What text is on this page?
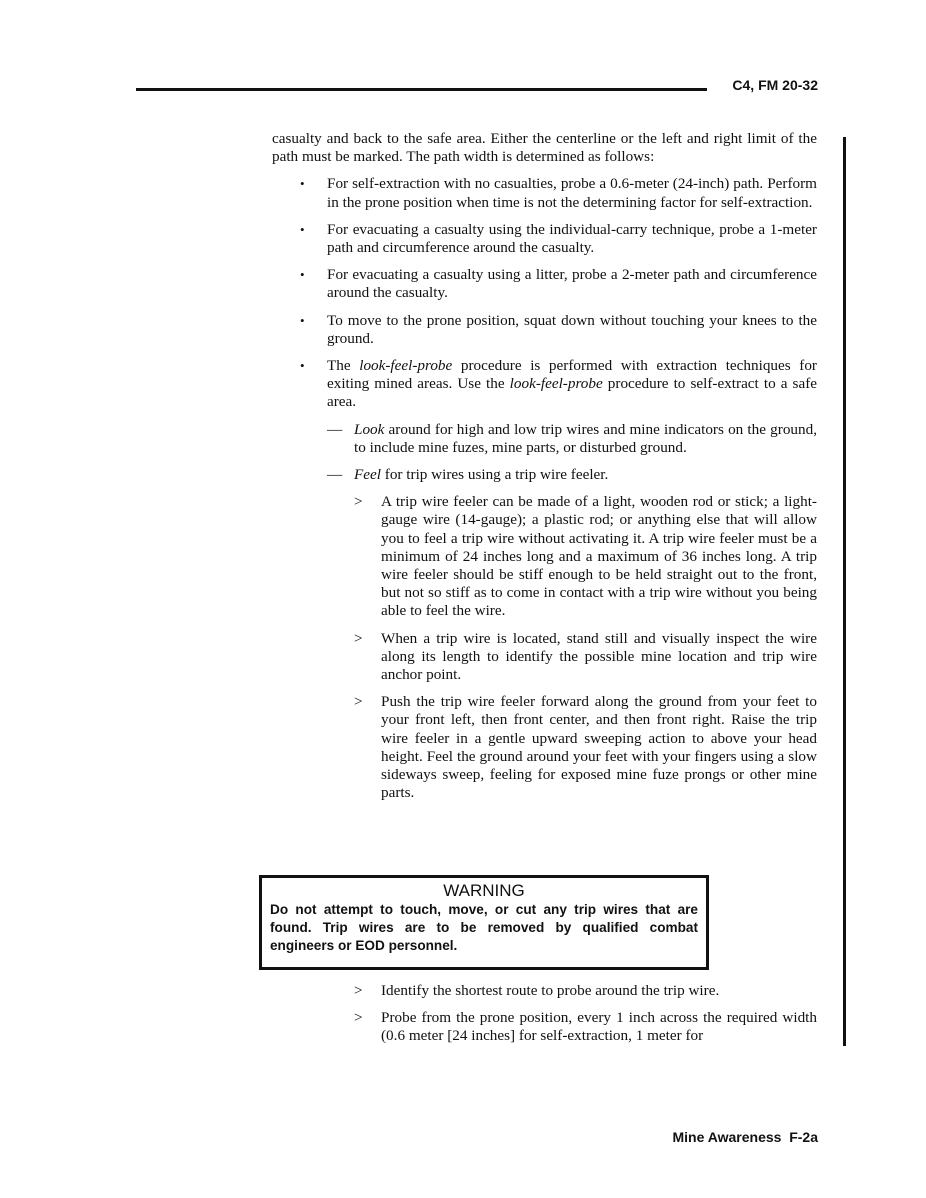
C4, FM 20-32

casualty and back to the safe area. Either the centerline or the left and right limit of the path must be marked. The path width is determined as follows:

• For self-extraction with no casualties, probe a 0.6-meter (24-inch) path. Perform in the prone position when time is not the determining factor for self-extraction.
• For evacuating a casualty using the individual-carry technique, probe a 1-meter path and circumference around the casualty.
• For evacuating a casualty using a litter, probe a 2-meter path and circumference around the casualty.
• To move to the prone position, squat down without touching your knees to the ground.
• The look-feel-probe procedure is performed with extraction techniques for exiting mined areas. Use the look-feel-probe procedure to self-extract to a safe area.
— Look around for high and low trip wires and mine indicators on the ground, to include mine fuzes, mine parts, or disturbed ground.
— Feel for trip wires using a trip wire feeler.
> A trip wire feeler can be made of a light, wooden rod or stick; a light-gauge wire (14-gauge); a plastic rod; or anything else that will allow you to feel a trip wire without activating it. A trip wire feeler must be a minimum of 24 inches long and a maximum of 36 inches long. A trip wire feeler should be stiff enough to be held straight out to the front, but not so stiff as to come in contact with a trip wire without you being able to feel the wire.
> When a trip wire is located, stand still and visually inspect the wire along its length to identify the possible mine location and trip wire anchor point.
> Push the trip wire feeler forward along the ground from your feet to your front left, then front center, and then front right. Raise the trip wire feeler in a gentle upward sweeping action to above your head height. Feel the ground around your feet with your fingers using a slow sideways sweep, feeling for exposed mine fuze prongs or other mine parts.

WARNING

Do not attempt to touch, move, or cut any trip wires that are found. Trip wires are to be removed by qualified combat engineers or EOD personnel.

> Identify the shortest route to probe around the trip wire.
> Probe from the prone position, every 1 inch across the required width (0.6 meter [24 inches] for self-extraction, 1 meter for
Mine Awareness  F-2a
